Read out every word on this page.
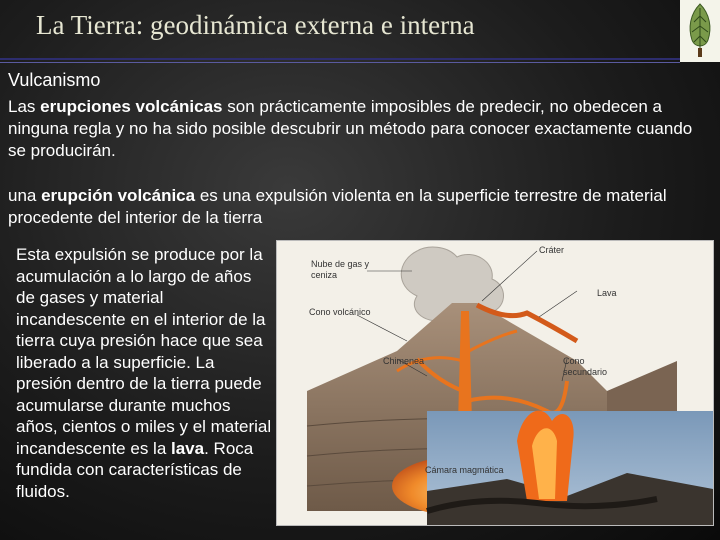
La Tierra: geodinámica externa e interna
Vulcanismo
Las erupciones volcánicas son prácticamente imposibles de predecir, no obedecen a ninguna regla y no ha sido posible descubrir un método para conocer exactamente cuando se producirán.
una erupción volcánica es una expulsión violenta en la superficie terrestre de material procedente del interior de la tierra
Esta expulsión se produce por la acumulación a lo largo de años de gases y material incandescente en el interior de la tierra cuya presión hace que sea liberado a la superficie. La presión dentro de la tierra puede acumularse durante muchos años, cientos o miles y el material incandescente es la lava. Roca fundida con características de fluidos.
Nube de gas y ceniza
Cráter
Lava
Cono volcánico
Chimenea	Cono secundario
Cámara magmática
